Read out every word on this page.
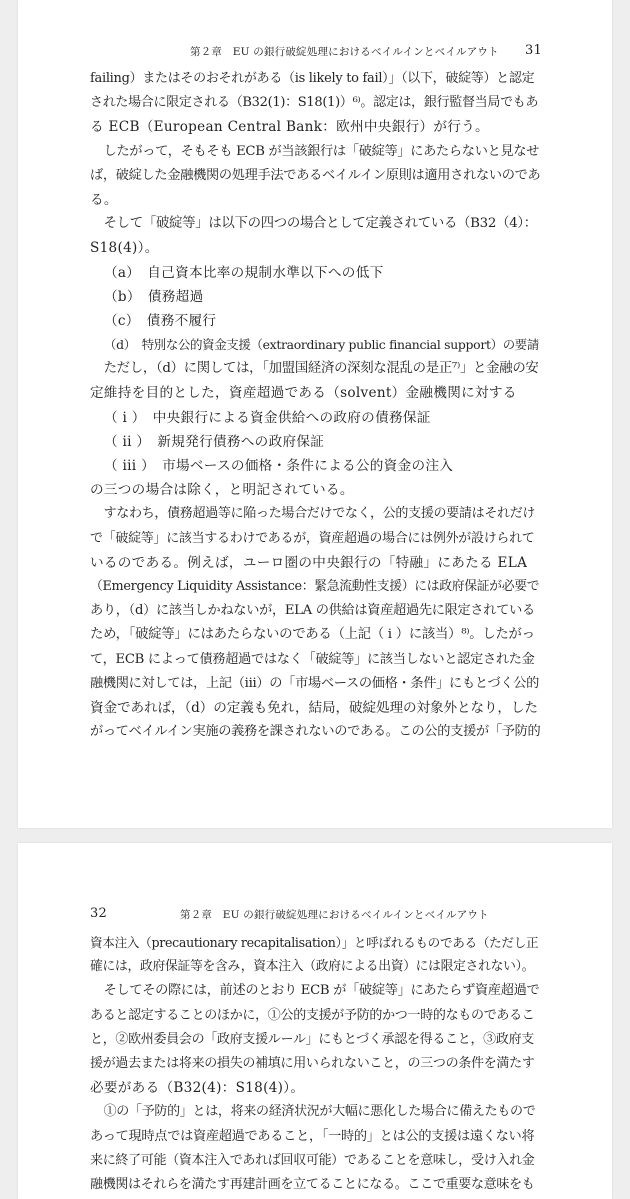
第２章　EU の銀行破綻処理におけるベイルインとベイルアウト 31
failing）またはそのおそれがある（is likely to fail）」（以下，破綻等）と認定
された場合に限定される（B32(1)：S18(1)）⁶⁾。認定は，銀行監督当局でもあ
る ECB（European Central Bank：欧州中央銀行）が行う。
したがって，そもそも ECB が当該銀行は「破綻等」にあたらないと見なせ
ば，破綻した金融機関の処理手法であるベイルイン原則は適用されないのであ
る。
そして「破綻等」は以下の四つの場合として定義されている（B32（4）：
S18(4)）。
（a）　自己資本比率の規制水準以下への低下
（b）　債務超過
（c）　債務不履行
（d）　特別な公的資金支援（extraordinary public financial support）の要請
ただし，（d）に関しては，「加盟国経済の深刻な混乱の是正⁷⁾」と金融の安
定維持を目的とした，資産超過である（solvent）金融機関に対する
（ i ）　中央銀行による資金供給への政府の債務保証
（ ii ）　新規発行債務への政府保証
（ iii ）　市場ベースの価格・条件による公的資金の注入
の三つの場合は除く，と明記されている。
すなわち，債務超過等に陥った場合だけでなく，公的支援の要請はそれだけ
で「破綻等」に該当するわけであるが，資産超過の場合には例外が設けられて
いるのである。例えば，ユーロ圏の中央銀行の「特融」にあたる ELA
（Emergency Liquidity Assistance：緊急流動性支援）には政府保証が必要で
あり，（d）に該当しかねないが，ELA の供給は資産超過先に限定されている
ため，「破綻等」にはあたらないのである（上記（ i ）に該当）⁸⁾。したがっ
て，ECB によって債務超過ではなく「破綻等」に該当しないと認定された金
融機関に対しては，上記（iii）の「市場ベースの価格・条件」にもとづく公的
資金であれば，（d）の定義も免れ，結局，破綻処理の対象外となり，した
がってベイルイン実施の義務を課されないのである。この公的支援が「予防的
32	第２章　EU の銀行破綻処理におけるベイルインとベイルアウト
資本注入（precautionary recapitalisation）」と呼ばれるものである（ただし正
確には，政府保証等を含み，資本注入（政府による出資）には限定されない）。
そしてその際には，前述のとおり ECB が「破綻等」にあたらず資産超過で
あると認定することのほかに，①公的支援が予防的かつ一時的なものであるこ
と，②欧州委員会の「政府支援ルール」にもとづく承認を得ること，③政府支
援が過去または将来の損失の補填に用いられないこと，の三つの条件を満たす
必要がある（B32(4)：S18(4)）。
①の「予防的」とは，将来の経済状況が大幅に悪化した場合に備えたもので
あって現時点では資産超過であること，「一時的」とは公的支援は遠くない将
来に終了可能（資本注入であれば回収可能）であることを意味し，受け入れ金
融機関はそれらを満たす再建計画を立てることになる。ここで重要な意味をも
